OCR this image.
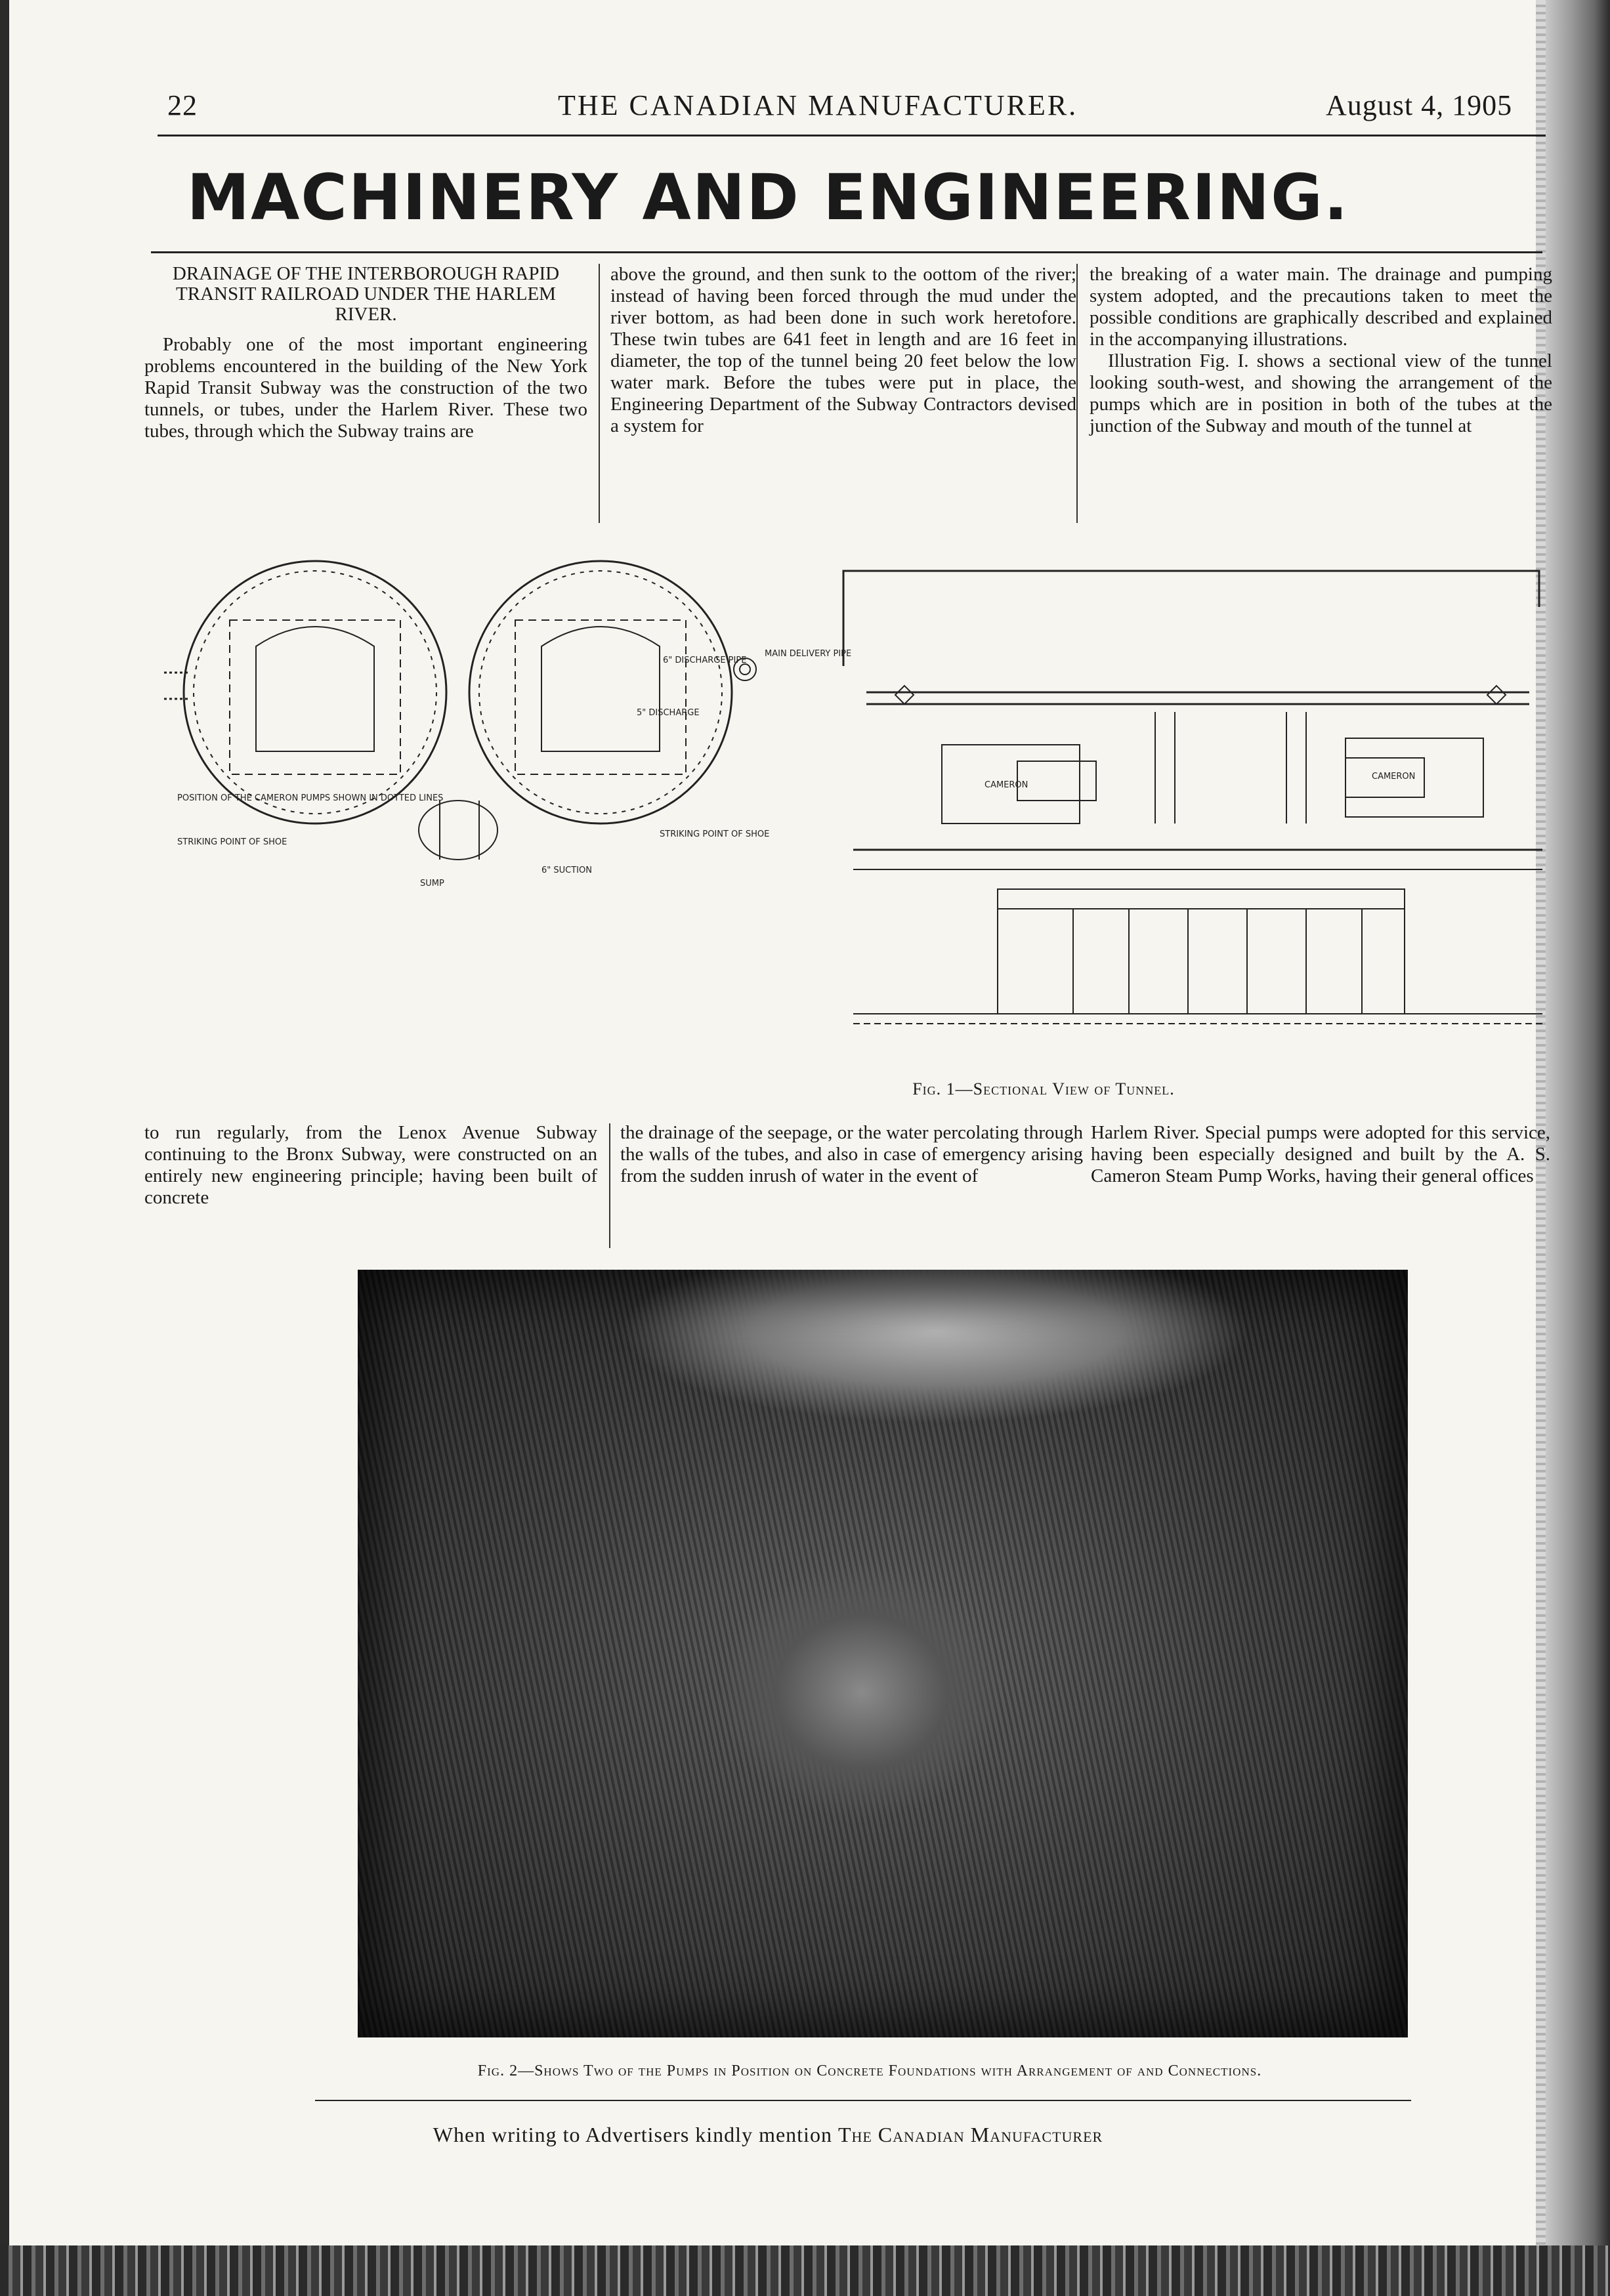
22	THE CANADIAN MANUFACTURER.	August 4, 1905
MACHINERY AND ENGINEERING.

DRAINAGE OF THE INTERBOROUGH RAPID TRANSIT RAILROAD UNDER THE HARLEM RIVER.

Probably one of the most important engineering problems encountered in the building of the New York Rapid Transit Subway was the construction of the two tunnels, or tubes, under the Harlem River. These two tubes, through which the Subway trains are

above the ground, and then sunk to the oottom of the river; instead of having been forced through the mud under the river bottom, as had been done in such work heretofore. These twin tubes are 641 feet in length and are 16 feet in diameter, the top of the tunnel being 20 feet below the low water mark. Before the tubes were put in place, the Engineering Department of the Subway Contractors devised a system for

the breaking of a water main. The drainage and pumping system adopted, and the precautions taken to meet the possible conditions are graphically described and explained in the accompanying illustrations.

Illustration Fig. I. shows a sectional view of the tunnel looking south-west, and showing the arrangement of the pumps which are in position in both of the tubes at the junction of the Subway and mouth of the tunnel at

6" DISCHARGE PIPE
MAIN DELIVERY PIPE
5" DISCHARGE
POSITION OF THE CAMERON PUMPS SHOWN IN DOTTED LINES
STRIKING POINT OF SHOE
STRIKING POINT OF SHOE
6" SUCTION
SUMP
CAMERON
CAMERON
Fig. 1—Sectional View of Tunnel.

to run regularly, from the Lenox Avenue Subway continuing to the Bronx Subway, were constructed on an entirely new engineering principle; having been built of concrete

the drainage of the seepage, or the water percolating through the walls of the tubes, and also in case of emergency arising from the sudden inrush of water in the event of

Harlem River. Special pumps were adopted for this service, having been especially designed and built by the A. S. Cameron Steam Pump Works, having their general offices

Fig. 2—Shows Two of the Pumps in Position on Concrete Foundations with Arrangement of and Connections.
When writing to Advertisers kindly mention The Canadian Manufacturer
